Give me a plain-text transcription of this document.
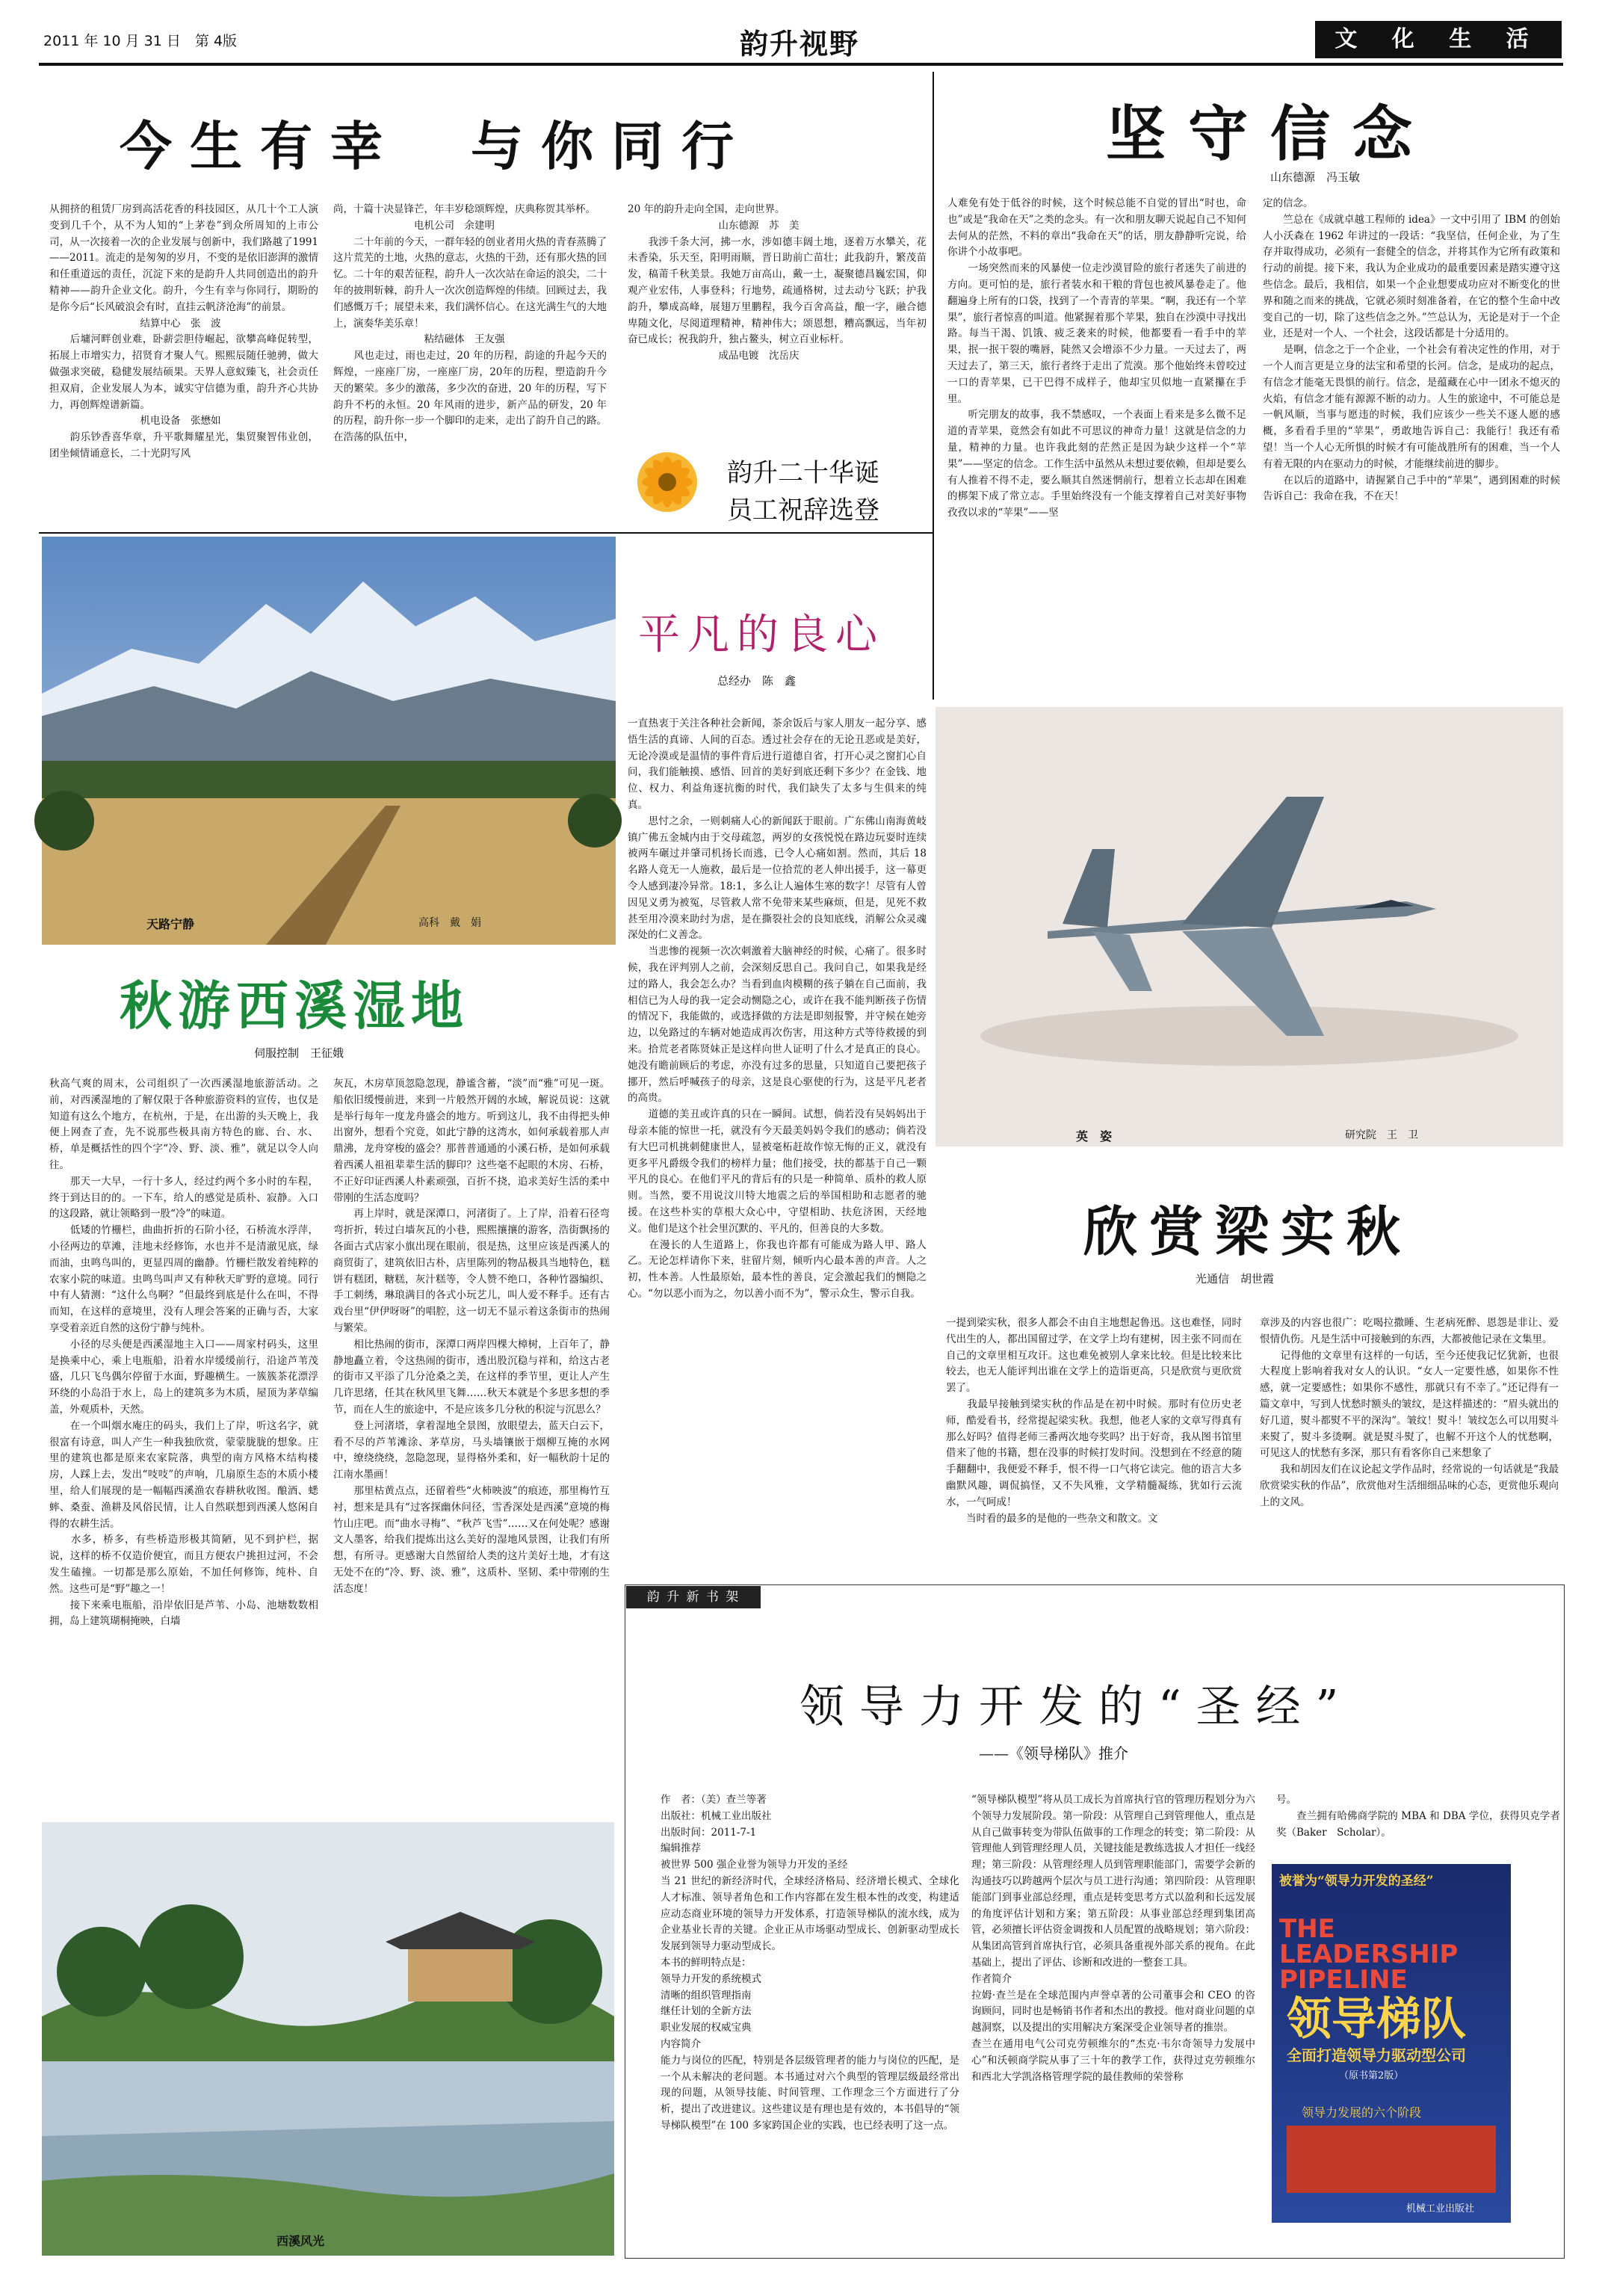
2011 年 10 月 31 日　第 4版	韵升视野	文 化 生 活
今生有幸　与你同行
从拥挤的租赁厂房到高活花香的科技园区，从几十个工人演变到几千个，从不为人知的“上茅卷”到众所周知的上市公司，从一次接着一次的企业发展与创新中，我们路越了1991——2011。流走的是匆匆的岁月，不变的是依旧澎湃的激情和任重道远的责任，沉淀下来的是韵升人共同创造出的韵升精神——韵升企业文化。韵升，今生有幸与你同行，期盼的是你今后“长风破浪会有时，直挂云帆济沧海”的前景。
　　　　　　　　　结算中心　张　波
　　后墉河畔创业难，卧薪尝胆侍崛起，欲攀高峰促转型，拓展上市增实力，招贤育才聚人气。熙熙辰随任驰骋，做大做强求突破，稳健发展结硕果。天界人意蚁臻飞，社会贡任担双肩，企业发展人为本，诚实守信德为重，韵升齐心共协力，再创辉煌谱新篇。
　　　　　　　　　机电设备　张懋如
　　韵乐钞香喜华章，升平歌舞耀星光，集贸聚智伟业创，团坐倾情诵意长，二十光阴写风
尚，十篇十决显锋芒，年丰岁稔颂辉煌，庆典称贺其举杯。
　　　　　　　　电机公司　余建明
　　二十年前的今天，一群年轻的创业者用火热的青春蒸腾了这片荒芜的土地，火热的意志，火热的干劲，还有那火热的回忆。二十年的艰苦征程，韵升人一次次站在命运的浪尖，二十年的披荆斩棘，韵升人一次次创造辉煌的伟绩。回顾过去，我们感慨万千；展望未来，我们满怀信心。在这光满生气的大地上，演奏华美乐章！
　　　　　　　　　粘结磁体　王友强
　　风也走过，雨也走过，20 年的历程，韵途的升起今天的辉煌，一座座厂房，一座座厂房，20年的历程，塑造韵升今天的繁荣。多少的激荡，多少次的奋进，20 年的历程，写下韵升不朽的永恒。20 年风雨的进步，新产品的研发，20 年的历程，韵升你一步一个脚印的走来，走出了韵升自己的路。在浩荡的队伍中，
20 年的韵升走向全国，走向世界。
　　　　　　　　　山东德源　苏　美
　　我涉千条大河，拂一水，涉如德丰阔土地，逐着万水攀关，花未香染，乐天至，阳明雨顺，晋日助前亡苗壮；此我韵升，繁茂苗发，稿莆千秋美景。我她万亩高山，戴一土，凝聚德昌巍宏国，仰观产业宏伟，人事登科；行地势，疏通格树，过去动兮飞跃；护我韵升，攀成高峰，展翅万里鹏程，我今百舍高益，酿一字，融合德卑随文化，尽阅道理精神，精神伟大；颂恩想，糟高飘远，当年初奋已成长；祝我韵升，独占鳌头，树立百业标杆。
　　　　　　　　　成品电镀　沈岳庆
韵升二十华诞
员工祝辞选登
坚守信念
山东德源　冯玉敏
人难免有处于低谷的时候，这个时候总能不自觉的冒出“时也，命也”或是“我命在天”之类的念头。有一次和朋友聊天说起自己不知何去何从的茫然，不料的章出“我命在天”的话，朋友静静听完说，给你讲个小故事吧。
　　一场突然而来的风暴使一位走沙漠冒险的旅行者迷失了前进的方向。更可怕的是，旅行者装水和干粮的背包也被风暴卷走了。他翻遍身上所有的口袋，找到了一个青青的苹果。“啊，我还有一个苹果”，旅行者惊喜的叫道。他紧握着那个苹果，独自在沙漠中寻找出路。每当干渴、饥饿、疲乏袭来的时候，他都要看一看手中的苹果，抿一抿干裂的嘴唇，陡然又会增添不少力量。一天过去了，两天过去了，第三天，旅行者终于走出了荒漠。那个他始终未曾咬过一口的青苹果，已干巴得不成样子，他却宝贝似地一直紧攥在手里。
　　听完朋友的故事，我不禁感叹，一个表面上看来是多么微不足道的青苹果，竟然会有如此不可思议的神奇力量！这就是信念的力量，精神的力量。也许我此刻的茫然正是因为缺少这样一个“苹果”——坚定的信念。工作生活中虽然从未想过要依赖，但却是要么有人推着不得不走，要么顺其自然迷惘前行，想着立长志却在困难的梆架下成了常立志。手里始终没有一个能支撑着自己对美好事物孜孜以求的“苹果”——坚
定的信念。
　　竺总在《成就卓越工程师的 idea》一文中引用了 IBM 的创始人小沃森在 1962 年讲过的一段话：“我坚信，任何企业，为了生存并取得成功，必须有一套健全的信念，并将其作为它所有政策和行动的前提。接下来，我认为企业成功的最重要因素是踏实遵守这些信念。最后，我相信，如果一个企业想要成功应对不断变化的世界和随之而来的挑战，它就必须时刻准备着，在它的整个生命中改变自己的一切，除了这些信念之外。”竺总认为，无论是对于一个企业，还是对一个人、一个社会，这段话都是十分适用的。
　　是啊，信念之于一个企业，一个社会有着决定性的作用，对于一个人而言更是立身的法宝和希望的长河。信念，是成功的起点，有信念才能毫无畏惧的前行。信念，是蕴藏在心中一团永不熄灭的火焰，有信念才能有源源不断的动力。人生的旅途中，不可能总是一帆风顺，当事与愿违的时候，我们应该少一些关不逐人愿的感概，多看看手里的“苹果”，勇敢地告诉自己：我能行！我还有希望！当一个人心无所惧的时候才有可能战胜所有的困难，当一个人有着无限的内在驱动力的时候，才能继续前进的脚步。
　　在以后的道路中，请握紧自己手中的“苹果”，遇到困难的时候告诉自己：我命在我，不在天！
天路宁静	高科　戴　娟
平凡的良心
总经办　陈　鑫
一直热衷于关注各种社会新闻，茶余饭后与家人朋友一起分享、感悟生活的真谛、人间的百态。透过社会存在的无论丑恶或是美好，无论冷漠或是温情的事件背后进行道德自省，打开心灵之窗扪心自问，我们能触摸、感悟、回首的美好到底还剩下多少？在金钱、地位、权力、利益角逐抗衡的时代，我们缺失了太多与生俱来的纯真。
　　思忖之余，一则刺痛人心的新闻跃于眼前。广东佛山南海黄岐镇广佛五金城内由于交母疏忽，两岁的女孩悦悦在路边玩耍时连续被两车碾过并肇司机扬长而逃，已令人心痛如割。然而，其后 18 名路人竟无一人施救，最后是一位拾荒的老人伸出援手，这一幕更令人感到凄冷异常。18:1，多么让人遍体生寒的数字！尽管有人曾因见义勇为被冤，尽管救人常不免带来某些麻烦，但是，见死不救甚至用冷漠来助纣为虐，是在撕裂社会的良知底线，消解公众灵魂深处的仁义善念。
　　当悲惨的视频一次次刺激着大脑神经的时候，心痛了。很多时候，我在评判别人之前，会深刻反思自己。我问自己，如果我是经过的路人，我会怎么办？当看到血肉模糊的孩子躺在自己面前，我相信已为人母的我一定会动恻隐之心，或许在我不能判断孩子伤情的情况下，我能做的，或选择做的方法是即刻报警，并守候在她旁边，以免路过的车辆对她造成再次伤害，用这种方式等待救援的到来。拾荒老者陈贤妹正是这样向世人证明了什么才是真正的良心。她没有瞻前顾后的考虑，亦没有过多的思量，只知道自己要把孩子挪开，然后呼喊孩子的母亲，这是良心驱使的行为，这是平凡老者的高贵。
　　道德的美丑或许真的只在一瞬间。试想，倘若没有吴妈妈出于母亲本能的惊世一托，就没有今天最美妈妈令我们的感动；倘若没有大巴司机挑刺健康世人，显被毫柘赶故作惊无悔的正义，就没有更多平凡爵级令我们的榜样力量；他们接受，扶的都基于自己一颗平凡的良心。在他们平凡的背后有的只是一种简单、质朴的救人原则。当然，要不用说汶川特大地震之后的举国相助和志愿者的驰援。在这些朴实的草根大众心中，守望相助、扶危济困，天经地义。他们是这个社会里沉默的、平凡的，但善良的大多数。
　　在漫长的人生道路上，你我也许都有可能成为路人甲、路人乙。无论怎样请你下来，驻留片刻，倾听内心最本善的声音。人之初，性本善。人性最原始，最本性的善良，定会激起我们的恻隐之心。“勿以恶小而为之，勿以善小而不为”，警示众生，警示自我。
英　姿	研究院　王　卫
秋游西溪湿地
伺服控制　王征娥
秋高气爽的周末，公司组织了一次西溪湿地旅游活动。之前，对西溪湿地的了解仅限于各种旅游资料的宣传，也仅是知道有这么个地方，在杭州，于是，在出游的头天晚上，我便上网查了查，先不说那些极具南方特色的廊、台、水、桥，单是概括性的四个字“冷、野、淡、雅”，就足以令人向往。
　　那天一大早，一行十多人，经过约两个多小时的车程，终于到达目的的。一下车，给人的感觉是质朴、寂静。入口的这段路，就让领略到一股“冷”的味道。
　　低矮的竹栅栏，曲曲折折的石阶小径，石桥流水浮萍，小径两边的草滩，洼地未经修饰，水也并不是清澈见底，绿而油，虫鸣鸟叫的，更显四周的幽静。竹栅栏散发着纯粹的农家小院的味道。虫鸣鸟叫声又有种秋天旷野的意境。同行中有人猜测：“这什么鸟啊？”但最终到底是什么在叫，不得而知，在这样的意境里，没有人理会答案的正确与否，大家享受着亲近自然的这份宁静与纯朴。
　　小径的尽头便是西溪湿地主入口——周家村码头，这里是换乘中心，乘上电瓶船，沿着水岸缓缓前行，沿途芦苇茂盛，几只飞鸟偶尔停留于水面，野趣横生。一簇簇茶花漂浮环绕的小岛沿于水上，岛上的建筑多为木质，屋顶为茅草编盖，外观质朴，天然。
　　在一个叫烟水庵庄的码头，我们上了岸，听这名字，就很富有诗意，叫人产生一种我独欣赏，蒙蒙胧胧的想象。庄里的建筑也都是原来农家院落，典型的南方风格木结构楼房，人踩上去，发出“吱吱”的声响，几扇原生态的木质小楼里，给人们展现的是一幅幅西溪渔农春耕秋收图。酿酒、蟋蟀、桑蚕、渔耕及风俗民情，让人自然联想到西溪人悠闲自得的农耕生活。
　　水多，桥多，有些桥造形极其简陋，见不到护栏，据说，这样的桥不仅造价便宜，而且方便农户挑担过河，不会发生磕撞。一切都是那么原始，不加任何修饰，纯朴、自然。这些可是“野”趣之一！
　　接下来乘电瓶船，沿岸依旧是芦苇、小岛、池塘数数相拥，岛上建筑瑚桐掩映，白墙
灰瓦，木房草顶忽隐忽现，静谧含蓄，“淡”而“雅”可见一斑。船依旧缓慢前进，来到一片般然开阔的水域，解说员说：这就是举行每年一度龙舟盛会的地方。听到这儿，我不由得把头伸出窗外，想看个究竟，如此宁静的这湾水，如何承载着那人声鼎沸，龙舟穿梭的盛会？那普普通通的小溪石桥，是如何承载着西溪人祖祖辈辈生活的脚印？这些毫不起眼的木房、石桥，不正好印证西溪人朴素顽强，百折不挠，追求美好生活的柔中带刚的生活态度吗？
　　再上岸时，就是深潭口，河渚街了。上了岸，沿着石径弯弯折折，转过白墙灰瓦的小巷，熙熙攘攘的游客，浩街飘扬的各面古式店家小旗出现在眼前，很是热，这里应该是西溪人的商贸街了，建筑依旧古朴，店里陈列的物品极具当地特色，糕饼有糕团，糖糕，灰汁糕等，令人赞不绝口，各种竹器编织、手工刺绣，琳琅满目的各式小玩艺儿，叫人爱不释手。还有古戏台里“伊伊呀呀”的唱腔，这一切无不显示着这条街市的热闹与繁荣。
　　相比热闹的街市，深潭口两岸四棵大樟树，上百年了，静静地矗立着，令这热闹的街市，透出股沉稳与祥和，给这古老的街市又平添了几分沧桑之美，在这样的季节里，更让人产生几许思绪，任其在秋风里飞舞……秋天本就是个多思多想的季节，而在人生的旅途中，不是应该多几分秋的积淀与沉思么？
　　登上河渚塔，拿着湿地全景图，放眼望去，蓝天白云下，看不尽的芦苇滩涂、茅草房，马头墙镶嵌于烟柳互掩的水网中，缭绕绕绕，忽隐忽现，显得格外柔和，好一幅秋韵十足的江南水墨画！
　　那里枯黄点点，还留着些“火柿映波”的痕迹，那里梅竹互衬，想来是具有“过客探幽休问径，雪香深处是西溪”意境的梅竹山庄吧。而“曲水寻梅”、“秋芦飞雪”……又在何处呢？感谢文人墨客，给我们提炼出这么美好的湿地风景图，让我们有所想，有所寻。更感谢大自然留给人类的这片美好土地，才有这无处不在的“冷、野、淡、雅”，这质朴、坚韧、柔中带刚的生活态度！
欣赏梁实秋
光通信　胡世霞
一提到梁实秋，很多人都会不由自主地想起鲁迅。这也难怪，同时代出生的人，都出国留过学，在文学上均有建树，因主张不同而在自己的文章里相互攻讦。这也难免被别人拿来比较。但是比较来比较去，也无人能评判出谁在文学上的造诣更高，只是欣赏与更欣赏罢了。
　　我最早接触到梁实秋的作品是在初中时候。那时有位历史老师，酷爱看书，经常提起梁实秋。我想，他老人家的文章写得真有那么好吗？值得老师三番两次地夸奖吗？出于好奇，我从图书馆里借来了他的书籍，想在没事的时候打发时间。没想到在不经意的随手翻翻中，我便爱不释手，恨不得一口气将它读完。他的语言大多幽默风趣，调侃搞怪，又不失风雅，文学精髓凝练，犹如行云流水，一气呵成！
　　当时看的最多的是他的一些杂文和散文。文
章涉及的内容也很广：吃喝拉撒睡、生老病死醉、恩怨是非让、爱恨情仇伤。凡是生活中可接触到的东西，大都被他记录在文集里。
　　记得他的文章里有这样的一句话，至今还使我记忆犹新，也很大程度上影响着我对女人的认识。“女人一定要性感，如果你不性感，就一定要感性；如果你不感性，那就只有不幸了。”还记得有一篇文章中，写到人忧愁时额头的皱纹，是这样描述的：“眉头就出的好几道，熨斗都熨不平的深沟”。皱纹！熨斗！皱纹怎么可以用熨斗来熨了，熨斗多烫啊。就是熨斗熨了，也解不开这个人的忧愁啊，可见这人的忧愁有多深，那只有看客你自己来想象了
　　我和胡因友们在议论起文学作品时，经常说的一句话就是“我最欣赏梁实秋的作品”，欣赏他对生活细细品味的心态，更赏他乐观向上的文风。
韵 升 新 书 架
领导力开发的“圣经”
——《领导梯队》推介
作　者：（美）查兰等著
出版社：机械工业出版社
出版时间：2011-7-1
编辑推荐
被世界 500 强企业誉为领导力开发的圣经
当 21 世纪的新经济时代，全球经济格局、经济增长模式、全球化人才标准、领导者角色和工作内容都在发生根本性的改变，构建适应动态商业环境的领导力开发体系，打造领导梯队的流水线，成为企业基业长青的关键。企业正从市场驱动型成长、创新驱动型成长发展到领导力驱动型成长。
本书的鲜明特点是：
领导力开发的系统模式
清晰的组织管理指南
继任计划的全新方法
职业发展的权威宝典
内容简介
能力与岗位的匹配，特别是各层级管理者的能力与岗位的匹配，是一个从未解决的老问题。本书通过对六个典型的管理层级最经常出现的问题，从领导技能、时间管理、工作理念三个方面进行了分析，提出了改进建议。这些建议是有理也是有效的，本书倡导的“领导梯队模型”在 100 多家跨国企业的实践，也已经表明了这一点。
“领导梯队模型”将从员工成长为首席执行官的管理历程划分为六个领导力发展阶段。第一阶段：从管理自己到管理他人，重点是从自己做事转变为带队伍做事的工作理念的转变；第二阶段：从管理他人到管理经理人员，关键技能是教练选拔人才担任一线经理；第三阶段：从管理经理人员到管理职能部门，需要学会新的沟通技巧以跨越两个层次与员工进行沟通；第四阶段：从管理职能部门到事业部总经理，重点是转变思考方式以盈利和长远发展的角度评估计划和方案；第五阶段：从事业部总经理到集团高管，必须擅长评估资金调拨和人员配置的战略规划；第六阶段：从集团高管到首席执行官，必须具备重视外部关系的视角。在此基础上，提出了评估、诊断和改进的一整套工具。
作者简介
拉姆·查兰是在全球范围内声誉卓著的公司董事会和 CEO 的咨询顾问，同时也是畅销书作者和杰出的教授。他对商业问题的卓越洞察，以及提出的实用解决方案深受企业领导者的推崇。
查兰在通用电气公司克劳顿维尔的“杰克·韦尔奇领导力发展中心”和沃顿商学院从事了三十年的教学工作，获得过克劳顿维尔和西北大学凯洛格管理学院的最佳教师的荣誉称
号。
　　查兰拥有哈佛商学院的 MBA 和 DBA 学位，获得贝克学者奖（Baker　Scholar）。
被誉为“领导力开发的圣经”
THE LEADERSHIP PIPELINE
领导梯队
全面打造领导力驱动型公司
（原书第2版）
领导力发展的六个阶段
机械工业出版社
西溪风光
